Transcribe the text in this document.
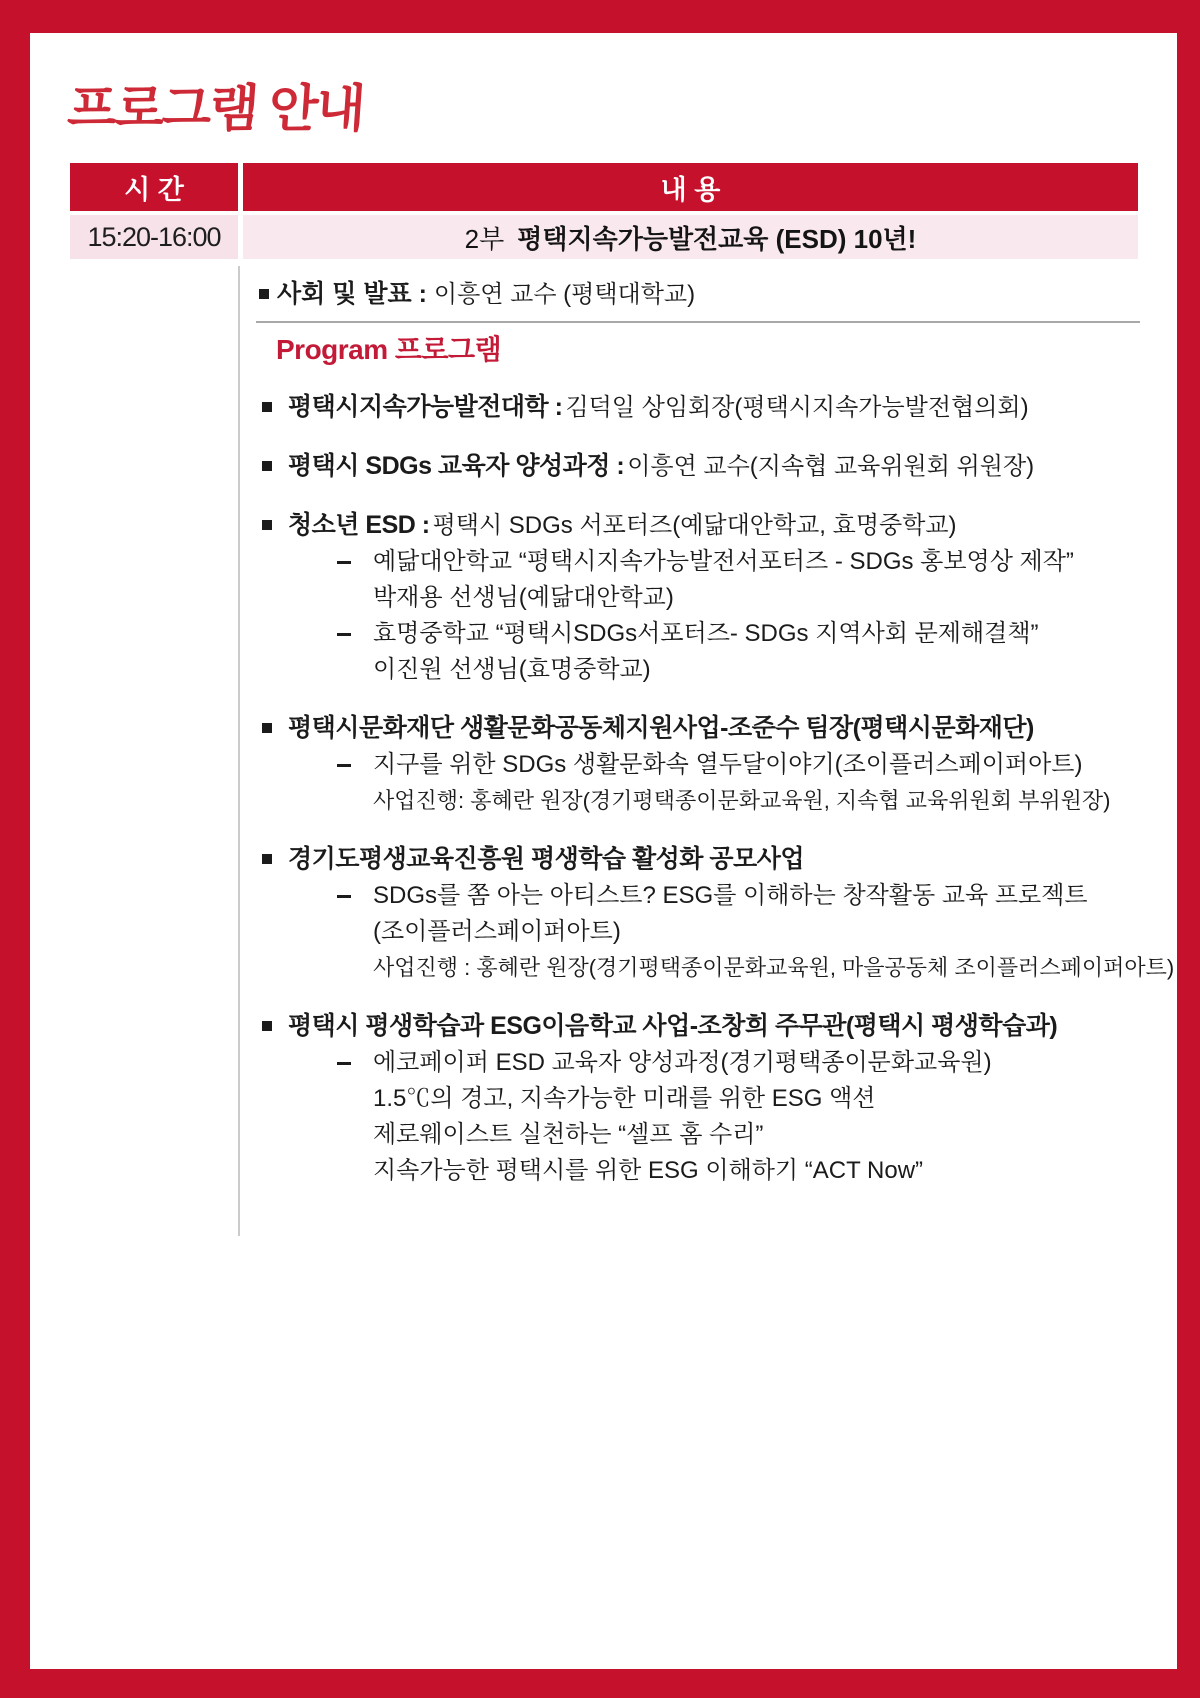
프로그램 안내
시 간	내 용
15:20-16:00	2부 평택지속가능발전교육 (ESD) 10년!
사회 및 발표 : 이흥연 교수 (평택대학교)
Program 프로그램
평택시지속가능발전대학 : 김덕일 상임회장(평택시지속가능발전협의회)
평택시 SDGs 교육자 양성과정 : 이흥연 교수(지속협 교육위원회 위원장)
청소년 ESD : 평택시 SDGs 서포터즈(예닮대안학교, 효명중학교)
예닮대안학교 “평택시지속가능발전서포터즈 - SDGs 홍보영상 제작”
박재용 선생님(예닮대안학교)
효명중학교 “평택시SDGs서포터즈- SDGs 지역사회 문제해결책”
이진원 선생님(효명중학교)
평택시문화재단 생활문화공동체지원사업-조준수 팀장(평택시문화재단)
지구를 위한 SDGs 생활문화속 열두달이야기(조이플러스페이퍼아트)
사업진행: 홍혜란 원장(경기평택종이문화교육원, 지속협 교육위원회 부위원장)
경기도평생교육진흥원 평생학습 활성화 공모사업
SDGs를 쫌 아는 아티스트? ESG를 이해하는 창작활동 교육 프로젝트
(조이플러스페이퍼아트)
사업진행 : 홍혜란 원장(경기평택종이문화교육원, 마을공동체 조이플러스페이퍼아트)
평택시 평생학습과 ESG이음학교 사업-조창희 주무관(평택시 평생학습과)
에코페이퍼 ESD 교육자 양성과정(경기평택종이문화교육원)
1.5℃의 경고, 지속가능한 미래를 위한 ESG 액션
제로웨이스트 실천하는 “셀프 홈 수리”
지속가능한 평택시를 위한 ESG 이해하기 “ACT Now”
